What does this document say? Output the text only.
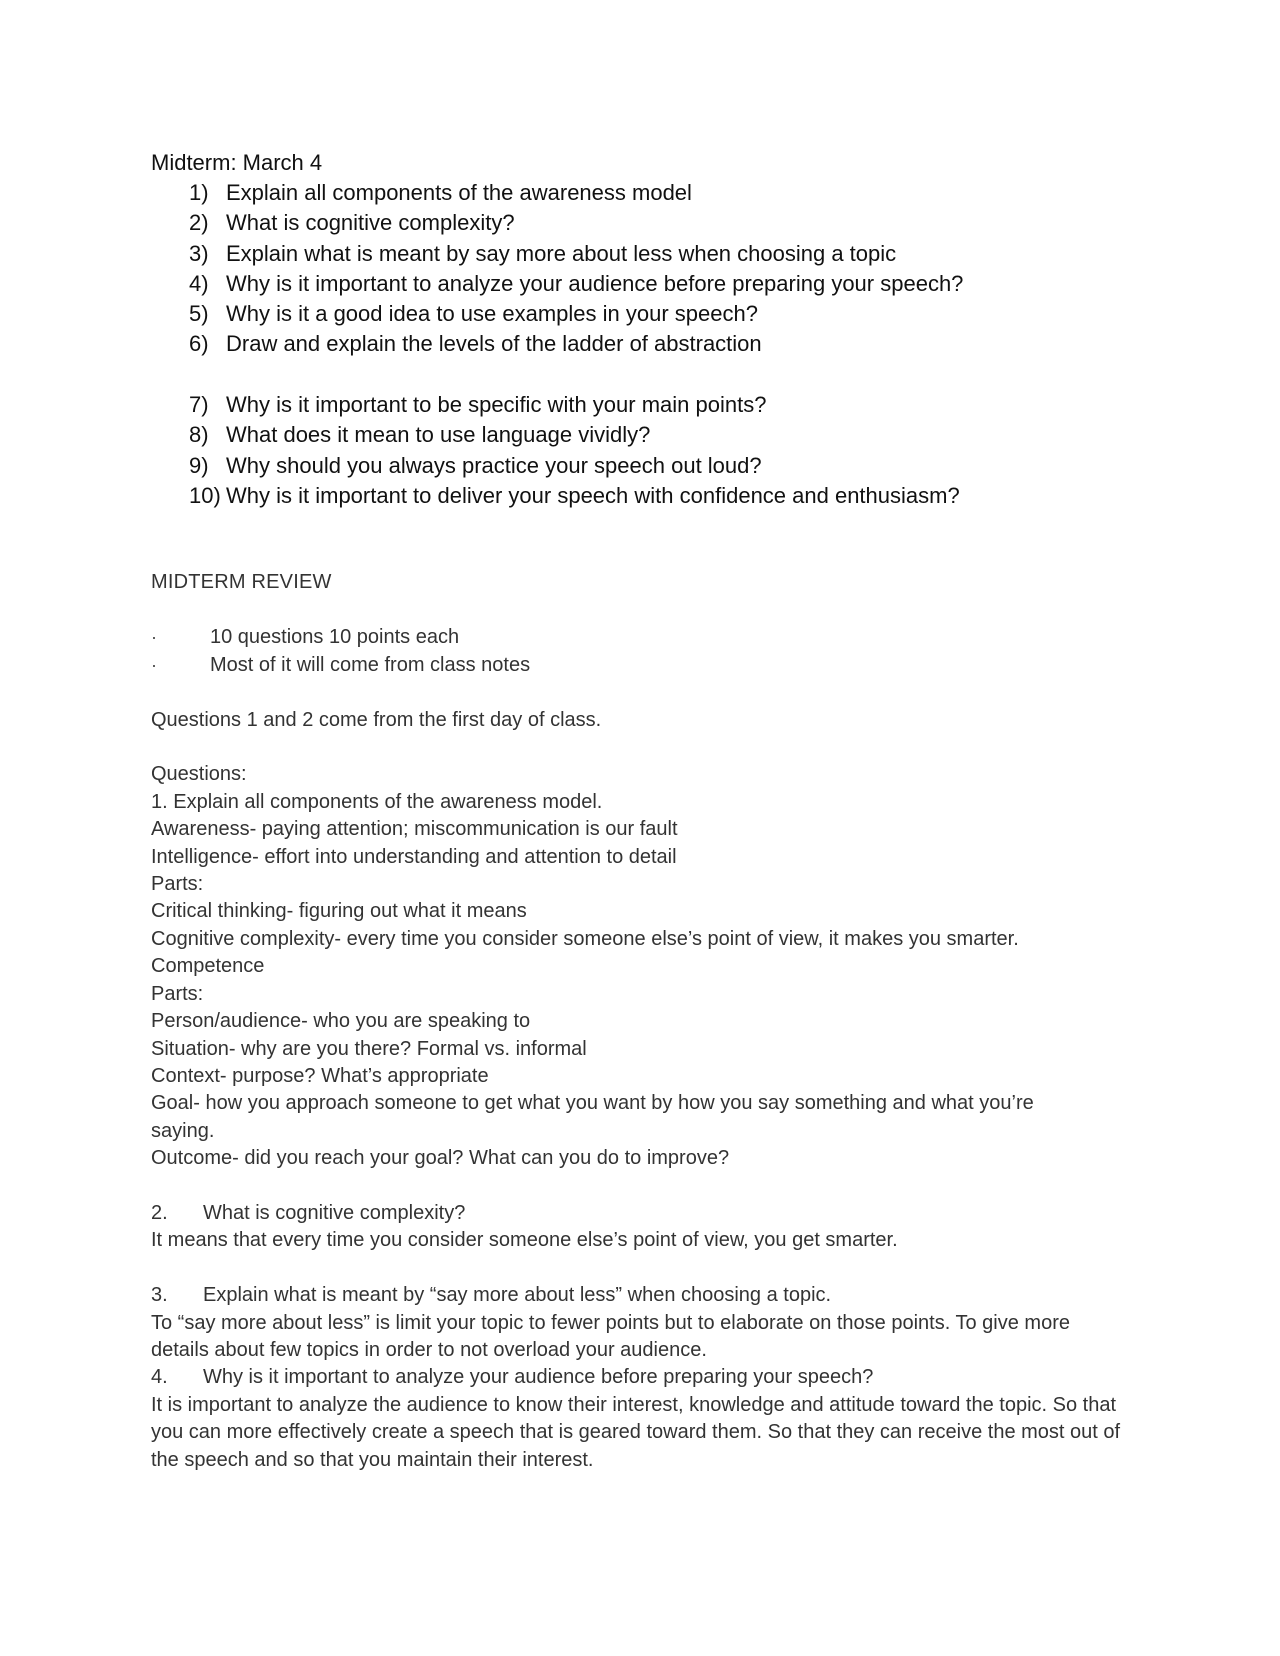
Midterm: March 4
1) Explain all components of the awareness model
2) What is cognitive complexity?
3) Explain what is meant by say more about less when choosing a topic
4) Why is it important to analyze your audience before preparing your speech?
5) Why is it a good idea to use examples in your speech?
6) Draw and explain the levels of the ladder of abstraction
7) Why is it important to be specific with your main points?
8) What does it mean to use language vividly?
9) Why should you always practice your speech out loud?
10) Why is it important to deliver your speech with confidence and enthusiasm?
MIDTERM REVIEW
·	10 questions 10 points each
·	Most of it will come from class notes
Questions 1 and 2 come from the first day of class.
Questions:
1. Explain all components of the awareness model.
Awareness- paying attention; miscommunication is our fault
Intelligence- effort into understanding and attention to detail
Parts:
Critical thinking- figuring out what it means
Cognitive complexity- every time you consider someone else’s point of view, it makes you smarter.
Competence
Parts:
Person/audience- who you are speaking to
Situation- why are you there? Formal vs. informal
Context- purpose? What’s appropriate
Goal- how you approach someone to get what you want by how you say something and what you’re saying.
Outcome- did you reach your goal? What can you do to improve?
2. What is cognitive complexity?
It means that every time you consider someone else’s point of view, you get smarter.
3. Explain what is meant by “say more about less” when choosing a topic.
To “say more about less” is limit your topic to fewer points but to elaborate on those points. To give more details about few topics in order to not overload your audience.
4. Why is it important to analyze your audience before preparing your speech?
It is important to analyze the audience to know their interest, knowledge and attitude toward the topic. So that you can more effectively create a speech that is geared toward them. So that they can receive the most out of the speech and so that you maintain their interest.
